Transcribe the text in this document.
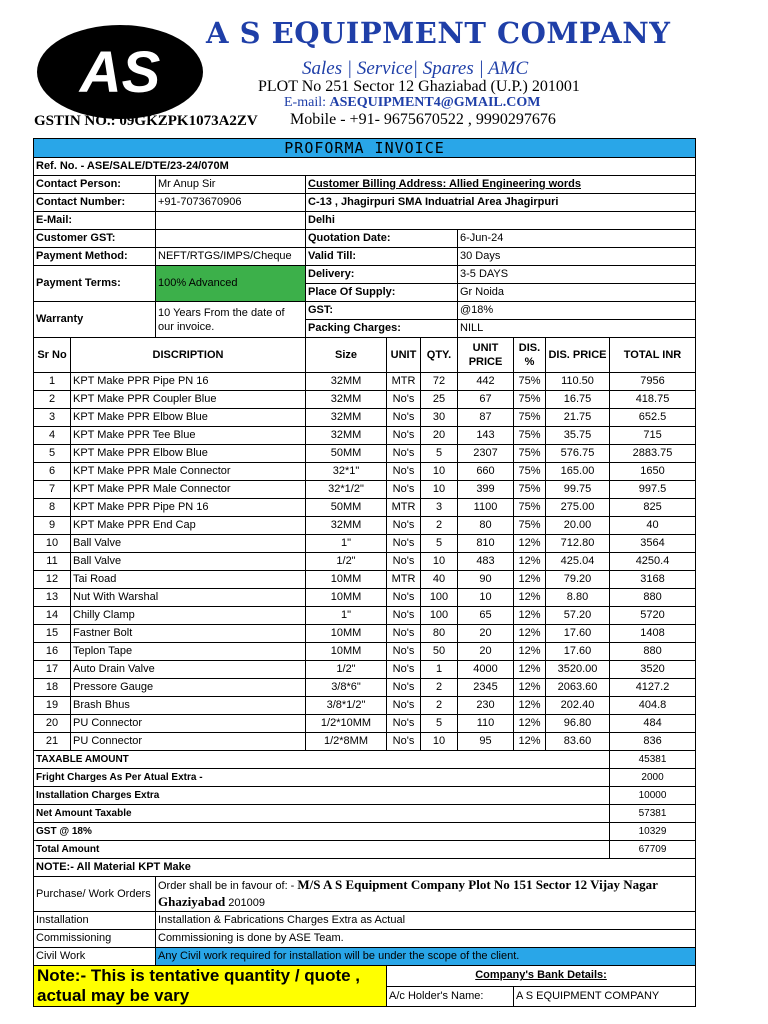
AS
A S EQUIPMENT COMPANY
Sales | Service| Spares | AMC
PLOT No 251 Sector 12 Ghaziabad (U.P.) 201001
E-mail: ASEQUIPMENT4@GMAIL.COM
GSTIN NO.: 09GKZPK1073A2ZV Mobile - +91- 9675670522 , 9990297676
PROFORMA INVOICE									
Ref. No. - ASE/SALE/DTE/23-24/070M									
Contact Person:		Mr Anup Sir	Customer Billing Address: Allied Engineering words						
Contact Number:		+91-7073670906	C-13 , Jhagirpuri SMA Induatrial Area Jhagirpuri						
E-Mail:			Delhi						
Customer GST:			Quotation Date:			6-Jun-24			
Payment Method:		NEFT/RTGS/IMPS/Cheque	Valid Till:			30 Days			
Payment Terms:		100% Advanced	Delivery:			3-5 DAYS			
			Place Of Supply:			Gr Noida			
Warranty		10 Years From the date of our invoice.	GST:			@18%			
			Packing Charges:			NILL			
Sr No	DISCRIPTION		Size	UNIT	QTY.	UNIT PRICE	DIS. %	DIS. PRICE	TOTAL INR
1	KPT Make PPR Pipe PN 16		32MM	MTR	72	442	75%	110.50	7956
2	KPT Make PPR Coupler Blue		32MM	No's	25	67	75%	16.75	418.75
3	KPT Make PPR Elbow Blue		32MM	No's	30	87	75%	21.75	652.5
4	KPT Make PPR Tee Blue		32MM	No's	20	143	75%	35.75	715
5	KPT Make PPR Elbow Blue		50MM	No's	5	2307	75%	576.75	2883.75
6	KPT Make PPR Male Connector		32*1"	No's	10	660	75%	165.00	1650
7	KPT Make PPR Male Connector		32*1/2"	No's	10	399	75%	99.75	997.5
8	KPT Make PPR Pipe PN 16		50MM	MTR	3	1100	75%	275.00	825
9	KPT Make PPR End Cap		32MM	No's	2	80	75%	20.00	40
10	Ball Valve		1"	No's	5	810	12%	712.80	3564
11	Ball Valve		1/2"	No's	10	483	12%	425.04	4250.4
12	Tai Road		10MM	MTR	40	90	12%	79.20	3168
13	Nut With Warshal		10MM	No's	100	10	12%	8.80	880
14	Chilly Clamp		1"	No's	100	65	12%	57.20	5720
15	Fastner Bolt		10MM	No's	80	20	12%	17.60	1408
16	Teplon Tape		10MM	No's	50	20	12%	17.60	880
17	Auto Drain Valve		1/2"	No's	1	4000	12%	3520.00	3520
18	Pressore Gauge		3/8*6"	No's	2	2345	12%	2063.60	4127.2
19	Brash Bhus		3/8*1/2"	No's	2	230	12%	202.40	404.8
20	PU Connector		1/2*10MM	No's	5	110	12%	96.80	484
21	PU Connector		1/2*8MM	No's	10	95	12%	83.60	836
TAXABLE AMOUNT									45381
Fright Charges As Per Atual Extra -									2000
Installation Charges Extra									10000
Net Amount Taxable									57381
GST @ 18%									10329
Total Amount									67709
NOTE:- All Material KPT Make									
Purchase/ Work Orders		Order shall be in favour of: - M/S A S Equipment Company Plot No 151 Sector 12 Vijay Nagar Ghaziyabad 201009							

Installation		Installation & Fabrications Charges Extra as Actual							
Commissioning		Commissioning is done by ASE Team.							
Civil Work		Any Civil work required for installation will be under the scope of the client.							
Note:- This is tentative quantity / quote , actual may be vary				Company's Bank Details:					
				A/c Holder's Name:			A S EQUIPMENT COMPANY		
